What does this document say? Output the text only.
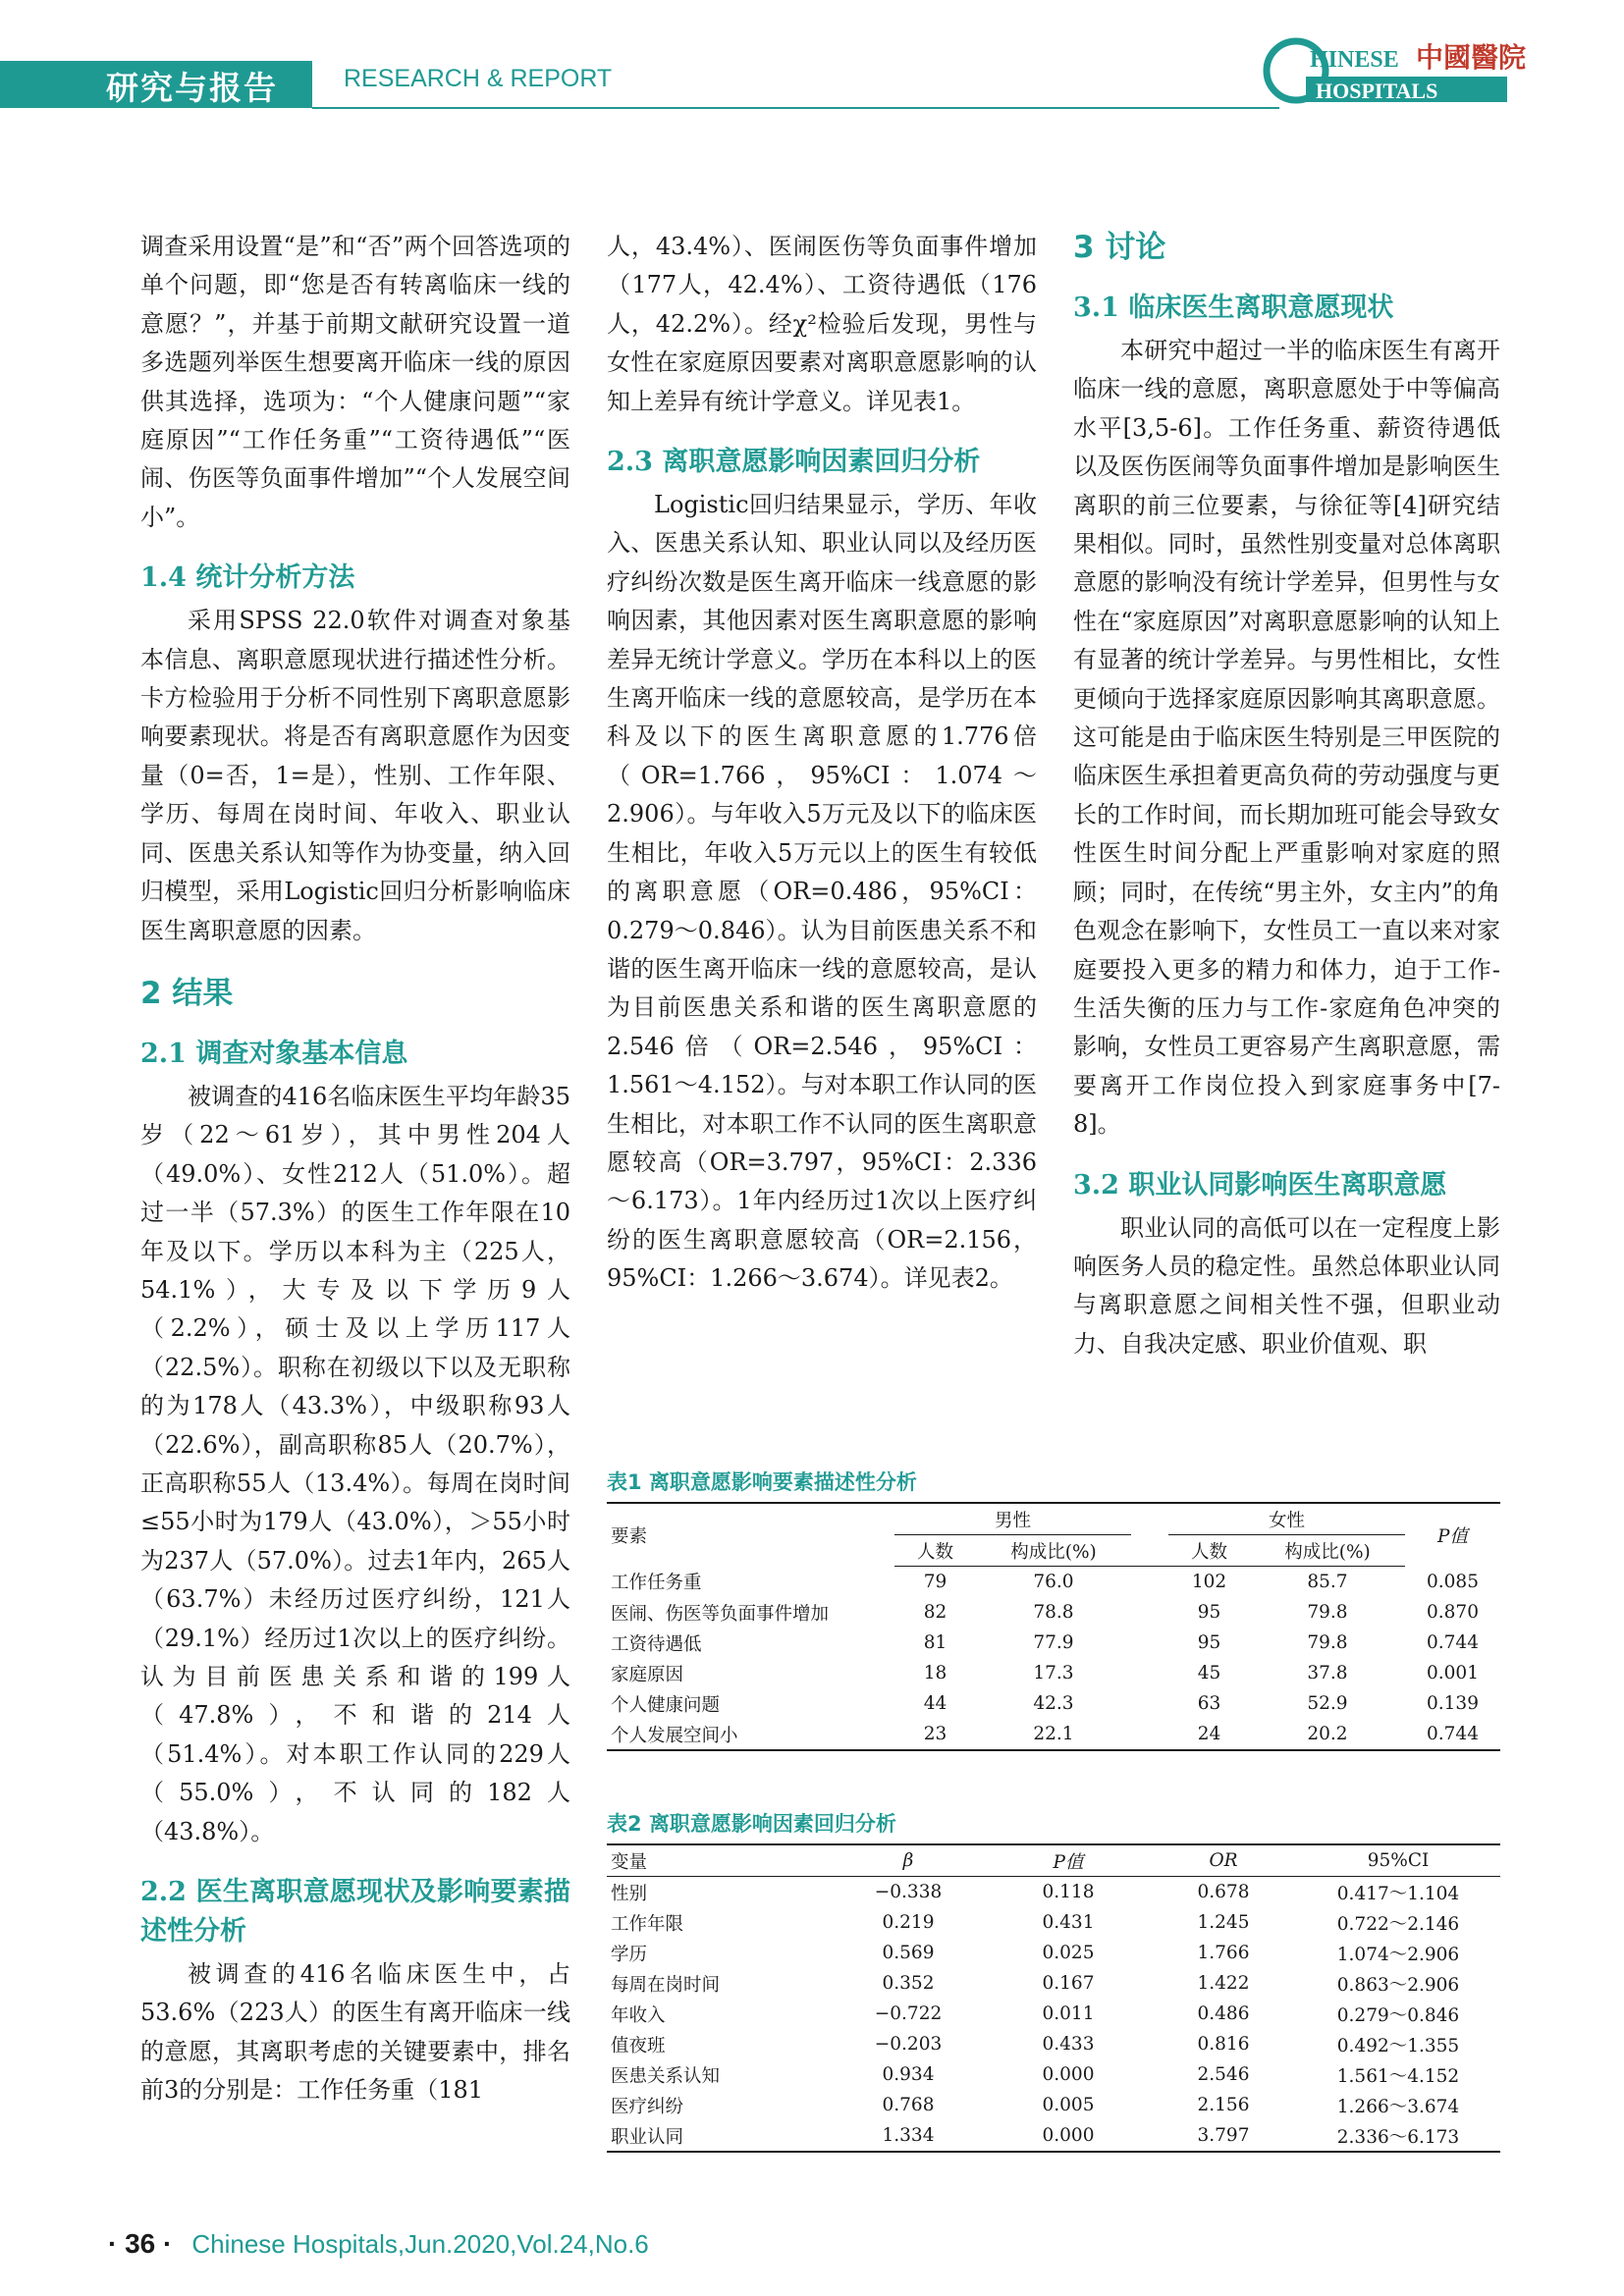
研究与报告	RESEARCH & REPORT
HINESE 中國醫院
HOSPITALS

调查采用设置“是”和“否”两个回答选项的单个问题，即“您是否有转离临床一线的意愿？”，并基于前期文献研究设置一道多选题列举医生想要离开临床一线的原因供其选择，选项为：“个人健康问题”“家庭原因”“工作任务重”“工资待遇低”“医闹、伤医等负面事件增加”“个人发展空间小”。

1.4 统计分析方法

采用SPSS 22.0软件对调查对象基本信息、离职意愿现状进行描述性分析。卡方检验用于分析不同性别下离职意愿影响要素现状。将是否有离职意愿作为因变量（0=否，1=是），性别、工作年限、学历、每周在岗时间、年收入、职业认同、医患关系认知等作为协变量，纳入回归模型，采用Logistic回归分析影响临床医生离职意愿的因素。

2 结果
2.1 调查对象基本信息

被调查的416名临床医生平均年龄35岁（22～61岁），其中男性204人（49.0%）、女性212人（51.0%）。超过一半（57.3%）的医生工作年限在10年及以下。学历以本科为主（225人，54.1%），大专及以下学历9人（2.2%），硕士及以上学历117人（22.5%）。职称在初级以下以及无职称的为178人（43.3%），中级职称93人（22.6%），副高职称85人（20.7%），正高职称55人（13.4%）。每周在岗时间≤55小时为179人（43.0%），＞55小时为237人（57.0%）。过去1年内，265人（63.7%）未经历过医疗纠纷，121人（29.1%）经历过1次以上的医疗纠纷。认为目前医患关系和谐的199人（47.8%），不和谐的214人（51.4%）。对本职工作认同的229人（55.0%），不认同的182人（43.8%）。

2.2 医生离职意愿现状及影响要素描述性分析

被调查的416名临床医生中，占53.6%（223人）的医生有离开临床一线的意愿，其离职考虑的关键要素中，排名前3的分别是：工作任务重（181

人，43.4%）、医闹医伤等负面事件增加（177人，42.4%）、工资待遇低（176人，42.2%）。经χ²检验后发现，男性与女性在家庭原因要素对离职意愿影响的认知上差异有统计学意义。详见表1。

2.3 离职意愿影响因素回归分析

Logistic回归结果显示，学历、年收入、医患关系认知、职业认同以及经历医疗纠纷次数是医生离开临床一线意愿的影响因素，其他因素对医生离职意愿的影响差异无统计学意义。学历在本科以上的医生离开临床一线的意愿较高，是学历在本科及以下的医生离职意愿的1.776倍（OR=1.766，95%CI：1.074～2.906）。与年收入5万元及以下的临床医生相比，年收入5万元以上的医生有较低的离职意愿（OR=0.486，95%CI：0.279～0.846）。认为目前医患关系不和谐的医生离开临床一线的意愿较高，是认为目前医患关系和谐的医生离职意愿的2.546倍（OR=2.546，95%CI：1.561～4.152）。与对本职工作认同的医生相比，对本职工作不认同的医生离职意愿较高（OR=3.797，95%CI：2.336～6.173）。1年内经历过1次以上医疗纠纷的医生离职意愿较高（OR=2.156，95%CI：1.266～3.674）。详见表2。

3 讨论
3.1 临床医生离职意愿现状

本研究中超过一半的临床医生有离开临床一线的意愿，离职意愿处于中等偏高水平[3,5-6]。工作任务重、薪资待遇低以及医伤医闹等负面事件增加是影响医生离职的前三位要素，与徐征等[4]研究结果相似。同时，虽然性别变量对总体离职意愿的影响没有统计学差异，但男性与女性在“家庭原因”对离职意愿影响的认知上有显著的统计学差异。与男性相比，女性更倾向于选择家庭原因影响其离职意愿。这可能是由于临床医生特别是三甲医院的临床医生承担着更高负荷的劳动强度与更长的工作时间，而长期加班可能会导致女性医生时间分配上严重影响对家庭的照顾；同时，在传统“男主外，女主内”的角色观念在影响下，女性员工一直以来对家庭要投入更多的精力和体力，迫于工作-生活失衡的压力与工作-家庭角色冲突的影响，女性员工更容易产生离职意愿，需要离开工作岗位投入到家庭事务中[7-8]。

3.2 职业认同影响医生离职意愿

职业认同的高低可以在一定程度上影响医务人员的稳定性。虽然总体职业认同与离职意愿之间相关性不强，但职业动力、自我决定感、职业价值观、职

表1 离职意愿影响要素描述性分析
要素	男性			女性		P值
	人数	构成比(%)		人数	构成比(%)	
工作任务重	79	76.0		102	85.7	0.085
医闹、伤医等负面事件增加	82	78.8		95	79.8	0.870
工资待遇低	81	77.9		95	79.8	0.744
家庭原因	18	17.3		45	37.8	0.001
个人健康问题	44	42.3		63	52.9	0.139
个人发展空间小	23	22.1		24	20.2	0.744
表2 离职意愿影响因素回归分析
变量	β	P值	OR	95%CI
性别	−0.338	0.118	0.678	0.417～1.104
工作年限	0.219	0.431	1.245	0.722～2.146
学历	0.569	0.025	1.766	1.074～2.906
每周在岗时间	0.352	0.167	1.422	0.863～2.906
年收入	−0.722	0.011	0.486	0.279～0.846
值夜班	−0.203	0.433	0.816	0.492～1.355
医患关系认知	0.934	0.000	2.546	1.561～4.152
医疗纠纷	0.768	0.005	2.156	1.266～3.674
职业认同	1.334	0.000	3.797	2.336～6.173
· 36 · Chinese Hospitals,Jun.2020,Vol.24,No.6
